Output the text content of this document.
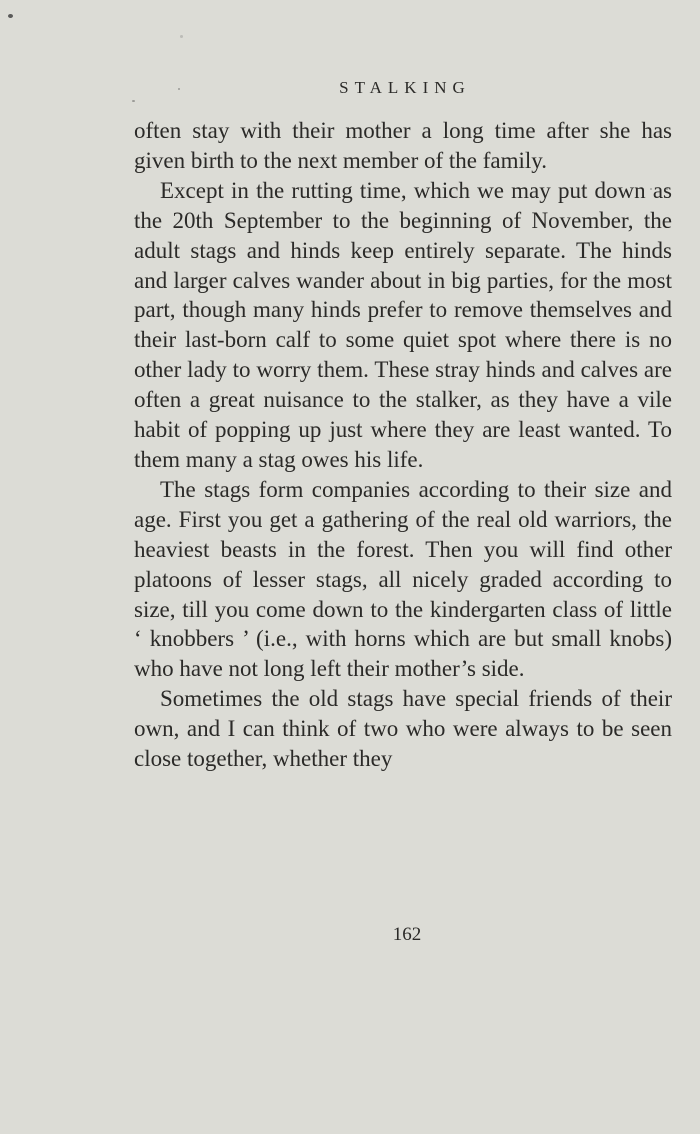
STALKING

often stay with their mother a long time after she has given birth to the next member of the family.

Except in the rutting time, which we may put down as the 20th September to the beginning of November, the adult stags and hinds keep entirely separate. The hinds and larger calves wander about in big parties, for the most part, though many hinds prefer to remove themselves and their last-born calf to some quiet spot where there is no other lady to worry them. These stray hinds and calves are often a great nuisance to the stalker, as they have a vile habit of popping up just where they are least wanted. To them many a stag owes his life.

The stags form companies according to their size and age. First you get a gathering of the real old warriors, the heaviest beasts in the forest. Then you will find other platoons of lesser stags, all nicely graded according to size, till you come down to the kindergarten class of little ‘ knobbers ’ (i.e., with horns which are but small knobs) who have not long left their mother’s side.

Sometimes the old stags have special friends of their own, and I can think of two who were always to be seen close together, whether they

162
